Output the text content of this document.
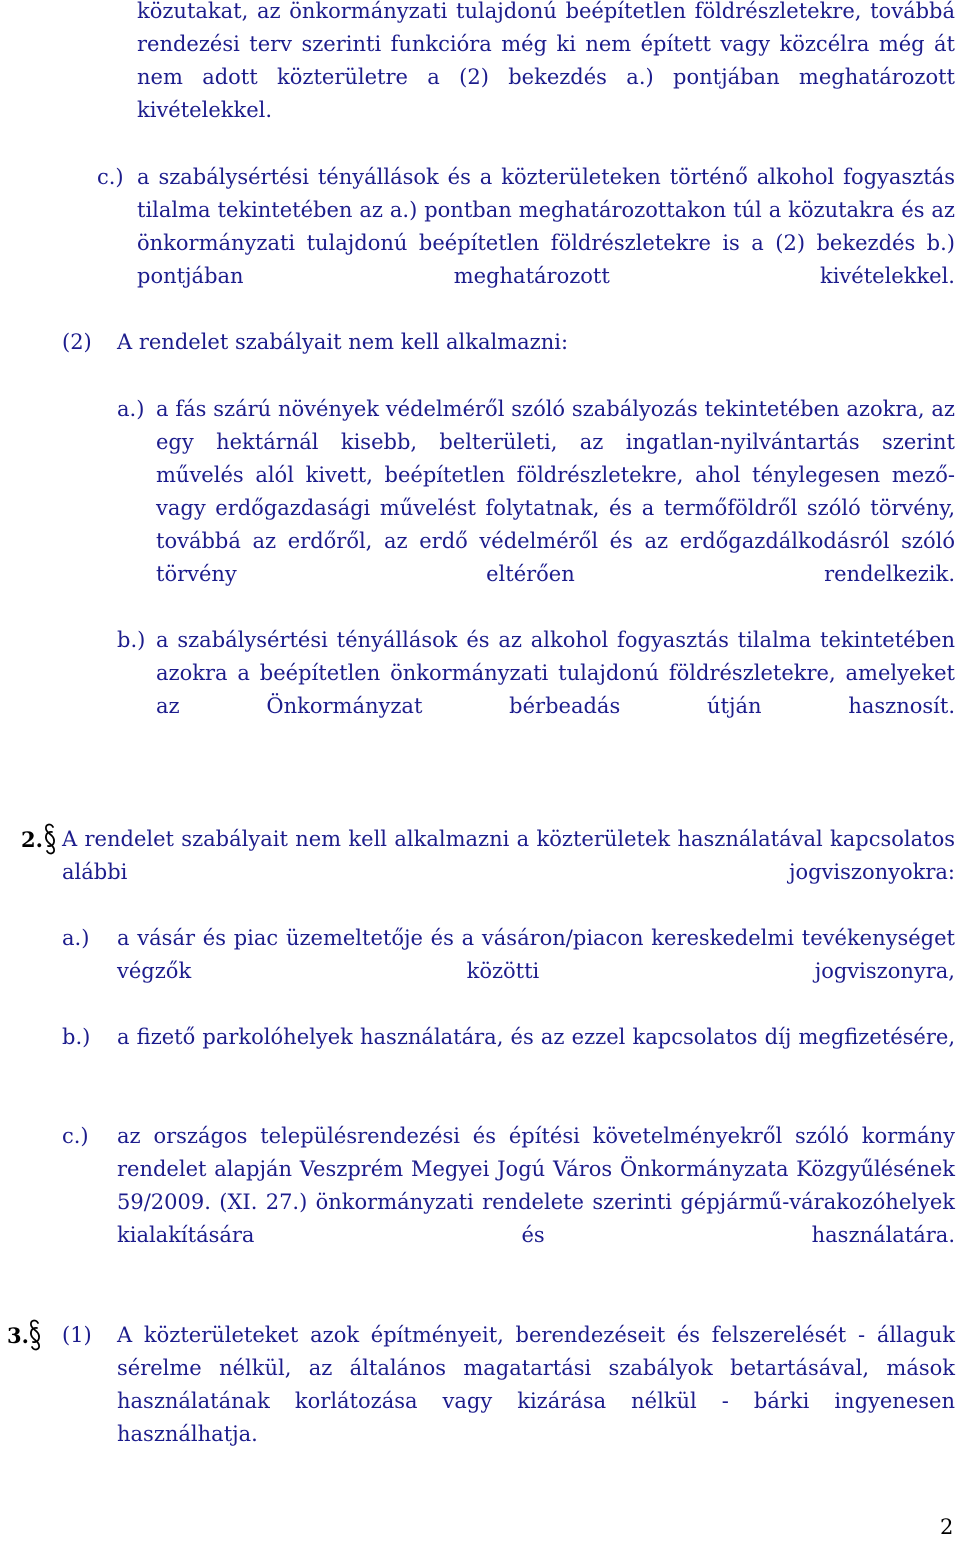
közutakat, az önkormányzati tulajdonú beépítetlen földrészletekre, továbbá rendezési terv szerinti funkcióra még ki nem épített vagy közcélra még át nem adott közterületre a (2) bekezdés a.) pontjában meghatározott kivételekkel.

c.) a szabálysértési tényállások és a közterületeken történő alkohol fogyasztás tilalma tekintetében az a.) pontban meghatározottakon túl a közutakra és az önkormányzati tulajdonú beépítetlen földrészletekre is a (2) bekezdés b.) pontjában meghatározott kivételekkel.

(2) A rendelet szabályait nem kell alkalmazni:
a.) a fás szárú növények védelméről szóló szabályozás tekintetében azokra, az egy hektárnál kisebb, belterületi, az ingatlan-nyilvántartás szerint művelés alól kivett, beépítetlen földrészletekre, ahol ténylegesen mező- vagy erdőgazdasági művelést folytatnak, és a termőföldről szóló törvény, továbbá az erdőről, az erdő védelméről és az erdőgazdálkodásról szóló törvény eltérően rendelkezik.

b.) a szabálysértési tényállások és az alkohol fogyasztás tilalma tekintetében azokra a beépítetlen önkormányzati tulajdonú földrészletekre, amelyeket az Önkormányzat bérbeadás útján hasznosít.

2. A rendelet szabályait nem kell alkalmazni a közterületek használatával kapcsolatos alábbi jogviszonyokra:

a.) a vásár és piac üzemeltetője és a vásáron/piacon kereskedelmi tevékenységet végzők közötti jogviszonyra,

b.) a fizető parkolóhelyek használatára, és az ezzel kapcsolatos díj megfizetésére,

c.) az országos településrendezési és építési követelményekről szóló kormány rendelet alapján Veszprém Megyei Jogú Város Önkormányzata Közgyűlésének 59/2009. (XI. 27.) önkormányzati rendelete szerinti gépjármű-várakozóhelyek kialakítására és használatára.

3. (1) A közterületeket azok építményeit, berendezéseit és felszerelését - állaguk sérelme nélkül, az általános magatartási szabályok betartásával, mások használatának korlátozása vagy kizárása nélkül - bárki ingyenesen használhatja.

2
